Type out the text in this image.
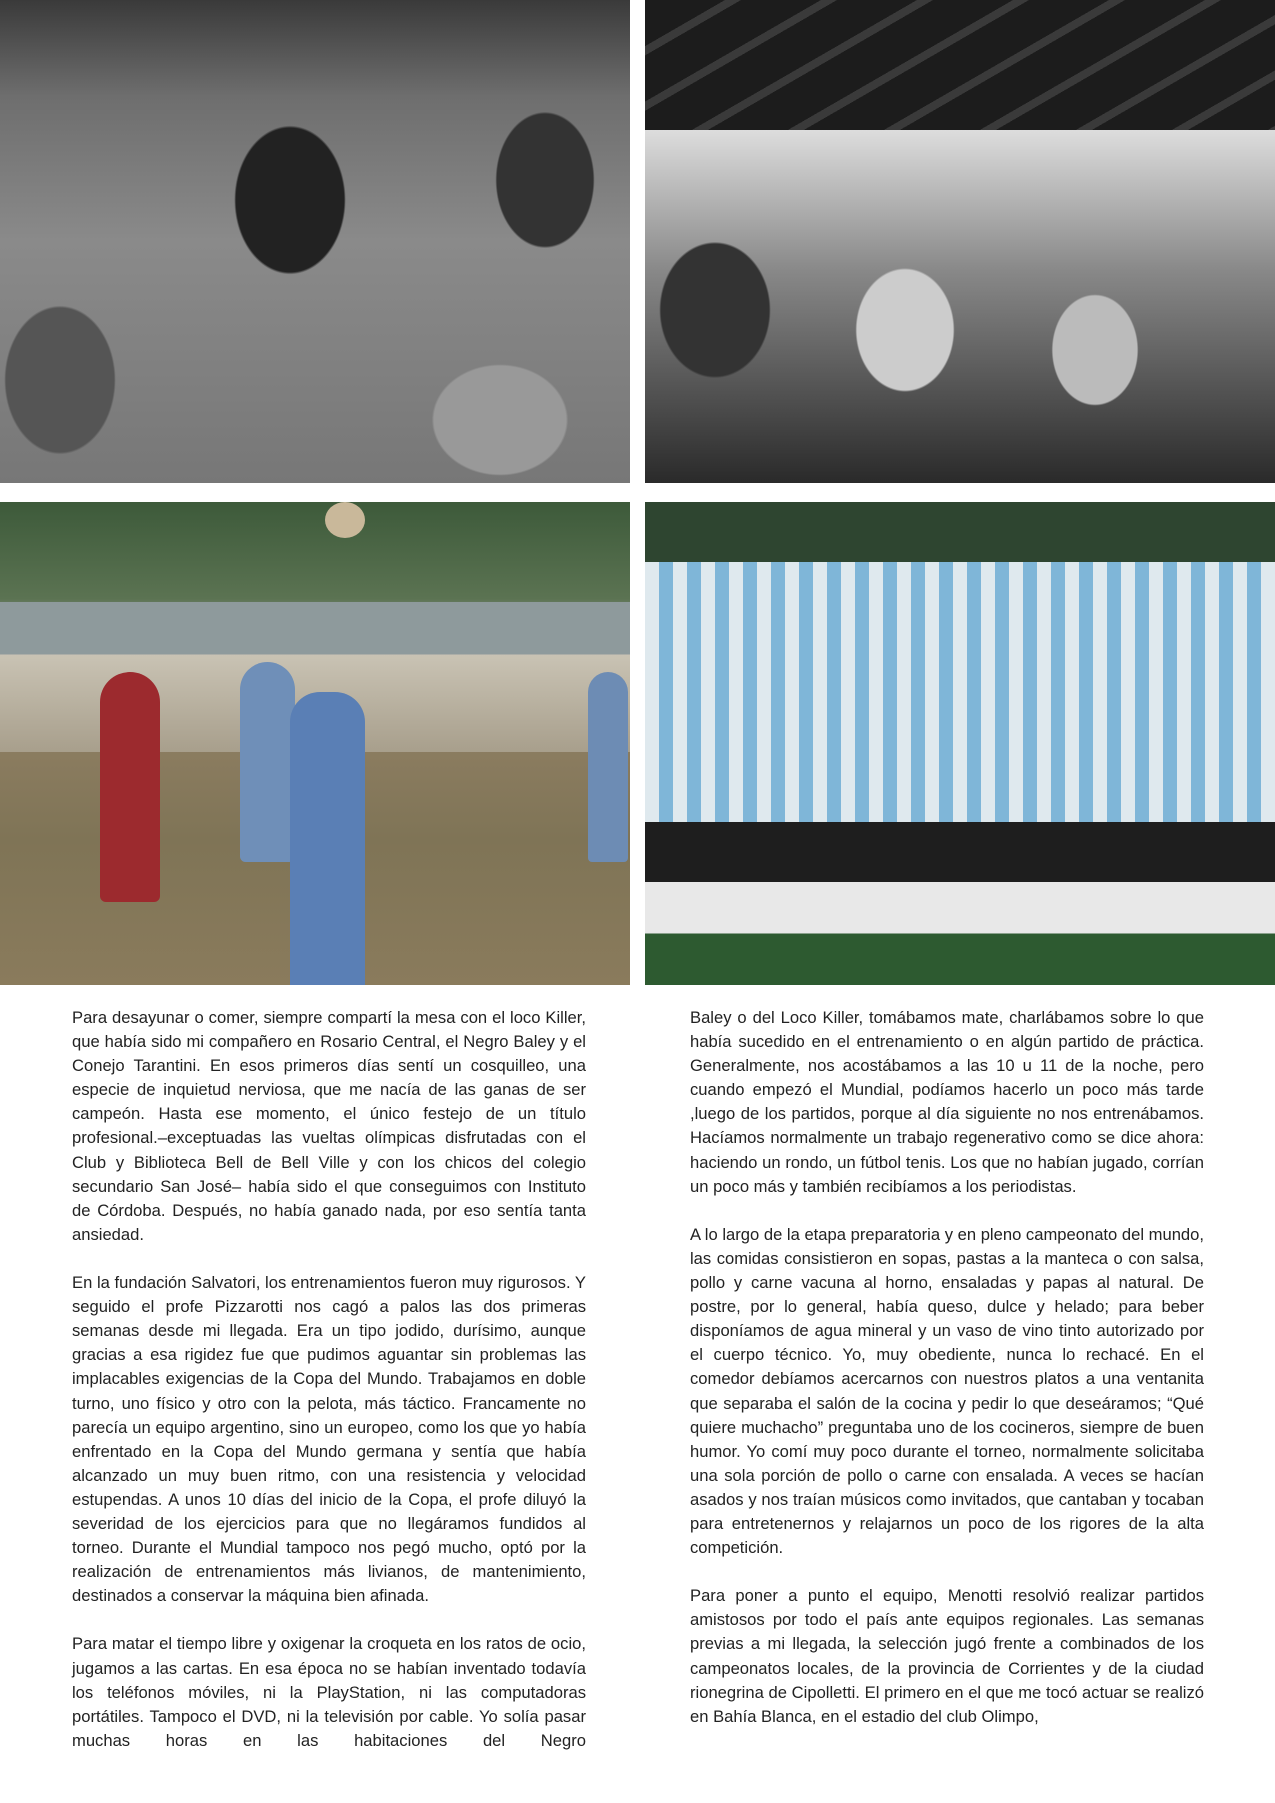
Para desayunar o comer, siempre compartí la mesa con el loco Killer, que había sido mi compañero en Rosario Central, el Negro Baley y el Conejo Tarantini. En esos primeros días sentí un cosquilleo, una especie de inquietud nerviosa, que me nacía de las ganas de ser campeón. Hasta ese momento, el único festejo de un título profesional.–exceptuadas las vueltas olímpicas disfrutadas con el Club y Biblioteca Bell de Bell Ville y con los chicos del colegio secundario San José– había sido el que conseguimos con Instituto de Córdoba. Después, no había ganado nada, por eso sentía tanta ansiedad.

En la fundación Salvatori, los entrenamientos fueron muy rigurosos. Y seguido el profe Pizzarotti nos cagó a palos las dos primeras semanas desde mi llegada. Era un tipo jodido, durísimo, aunque gracias a esa rigidez fue que pudimos aguantar sin problemas las implacables exigencias de la Copa del Mundo. Trabajamos en doble turno, uno físico y otro con la pelota, más táctico. Francamente no parecía un equipo argentino, sino un europeo, como los que yo había enfrentado en la Copa del Mundo germana y sentía que había alcanzado un muy buen ritmo, con una resistencia y velocidad estupendas. A unos 10 días del inicio de la Copa, el profe diluyó la severidad de los ejercicios para que no llegáramos fundidos al torneo. Durante el Mundial tampoco nos pegó mucho, optó por la realización de entrenamientos más livianos, de mantenimiento, destinados a conservar la máquina bien afinada.

Para matar el tiempo libre y oxigenar la croqueta en los ratos de ocio, jugamos a las cartas. En esa época no se habían inventado todavía los teléfonos móviles, ni la PlayStation, ni las computadoras portátiles. Tampoco el DVD, ni la televisión por cable. Yo solía pasar muchas horas en las habitaciones del Negro

Baley o del Loco Killer, tomábamos mate, charlábamos sobre lo que había sucedido en el entrenamiento o en algún partido de práctica. Generalmente, nos acostábamos a las 10 u 11 de la noche, pero cuando empezó el Mundial, podíamos hacerlo un poco más tarde ,luego de los partidos, porque al día siguiente no nos entrenábamos. Hacíamos normalmente un trabajo regenerativo como se dice ahora: haciendo un rondo, un fútbol tenis. Los que no habían jugado, corrían un poco más y también recibíamos a los periodistas.

A lo largo de la etapa preparatoria y en pleno campeonato del mundo, las comidas consistieron en sopas, pastas a la manteca o con salsa, pollo y carne vacuna al horno, ensaladas y papas al natural. De postre, por lo general, había queso, dulce y helado; para beber disponíamos de agua mineral y un vaso de vino tinto autorizado por el cuerpo técnico. Yo, muy obediente, nunca lo rechacé. En el comedor debíamos acercarnos con nuestros platos a una ventanita que separaba el salón de la cocina y pedir lo que deseáramos; “Qué quiere muchacho” preguntaba uno de los cocineros, siempre de buen humor. Yo comí muy poco durante el torneo, normalmente solicitaba una sola porción de pollo o carne con ensalada. A veces se hacían asados y nos traían músicos como invitados, que cantaban y tocaban para entretenernos y relajarnos un poco de los rigores de la alta competición.

Para poner a punto el equipo, Menotti resolvió realizar partidos amistosos por todo el país ante equipos regionales. Las semanas previas a mi llegada, la selección jugó frente a combinados de los campeonatos locales, de la provincia de Corrientes y de la ciudad rionegrina de Cipolletti. El primero en el que me tocó actuar se realizó en Bahía Blanca, en el estadio del club Olimpo,
